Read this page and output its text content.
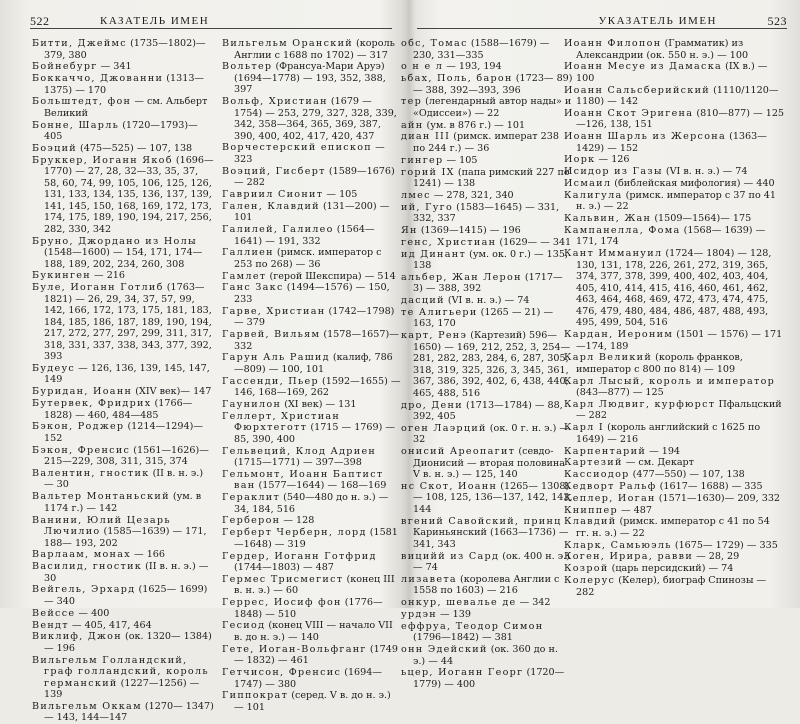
522	КАЗАТЕЛЬ ИМЕН
Битти, Джеймс (1735—1802)— 379, 380
Бойнебург — 341
Боккаччо, Джованни (1313— 1375) — 170
Больштедт, фон — см. Альберт Великий
Бонне, Шарль (1720—1793)— 405
Боэций (475—525) — 107, 138
Бруккер, Иоганн Якоб (1696— 1770) — 27, 28, 32—33, 35, 37, 58, 60, 74, 99, 105, 106, 125, 126, 131, 133, 134, 135, 136, 137, 139, 141, 145, 150, 168, 169, 172, 173, 174, 175, 189, 190, 194, 217, 256, 282, 330, 342
Бруно, Джордано из Нолы (1548—1600) — 154, 171, 174— 188, 189, 202, 234, 260, 308
Букинген — 216
Буле, Иоганн Готлиб (1763— 1821) — 26, 29, 34, 37, 57, 99, 142, 166, 172, 173, 175, 181, 183, 184, 185, 186, 187, 189, 190, 194, 217, 272, 277, 297, 299, 311, 317, 318, 331, 337, 338, 343, 377, 392, 393
Будеус — 126, 136, 139, 145, 147, 149
Буридан, Иоанн (XIV век)— 147
Бутервек, Фридрих (1766— 1828) — 460, 484—485
Бэкон, Роджер (1214—1294)— 152
Бэкон, Френсис (1561—1626)— 215—229, 308, 311, 315, 374
Валентин, гностик (II в. н. э.) — 30
Вальтер Монтаньский (ум. в 1174 г.) — 142
Ванини, Юлий Цезарь Лючилио (1585—1639) — 171, 188— 193, 202
Варлаам, монах — 166
Василид, гностик (II в. н. э.) — 30
Вейгель, Эрхард (1625— 1699) — 340
Вейссе — 400
Вендт — 405, 417, 464
Виклиф, Джон (ок. 1320— 1384) — 196
Вильгельм Голландский, граф голландский, король германский (1227—1256) — 139
Вильгельм Оккам (1270— 1347) — 143, 144—147
Вильгельм Оранский (король Англии с 1688 по 1702) — 317
Вольтер (Франсуа-Мари Аруэ) (1694—1778) — 193, 352, 388, 397
Вольф, Христиан (1679 — 1754) — 253, 279, 327, 328, 339, 342, 358—364, 365, 369, 387, 390, 400, 402, 417, 420, 437
Ворчестерский епископ — 323
Воэций, Гисберт (1589—1676)— 282
Гавриил Сионит — 105
Гален, Клавдий (131—200) — 101
Галилей, Галилео (1564— 1641) — 191, 332
Галлиен (римск. император с 253 по 268) — 36
Гамлет (герой Шекспира) — 514
Ганс Закс (1494—1576) — 150, 233
Гарве, Христиан (1742—1798)— 379
Гарвей, Вильям (1578—1657)— 332
Гарун Аль Рашид (калиф, 786—809) — 100, 101
Гассенди, Пьер (1592—1655) — 146, 168—169, 262
Гаунилон (XI век) — 131
Геллерт, Христиан Фюрхтеготт (1715 — 1769) — 85, 390, 400
Гельвеций, Клод Адриен (1715—1771) — 397—398
Гельмонт, Иоанн Баптист ван (1577—1644) — 168—169
Гераклит (540—480 до н. э.) — 34, 184, 516
Герберон — 128
Герберт Черберн, лорд (1581—1648) — 319
Гердер, Иоганн Готфрид (1744—1803) — 487
Гермес Трисмегист (конец III в. н. э.) — 60
Геррес, Иосиф фон (1776— 1848) — 510
Гесиод (конец VIII — начало VII в. до н. э.) — 140
Гете, Иоган-Вольфганг (1749— 1832) — 461
Гетчисон, Френсис (1694— 1747) — 380
Гиппократ (серед. V в. до н. э.) — 101
УКАЗАТЕЛЬ ИМЕН	523
обс, Томас (1588—1679) — 230, 331—335
о н е л — 193, 194
ьбах, Поль, барон (1723— 89) — 388, 392—393, 396
тер (легендарный автор нады» и «Одиссеи») — 22
айн (ум. в 876 г.) — 101
диан III (римск. императ 238 по 244 г.) — 36
гингер — 105
горий IX (папа римский 227 по 1241) — 138
лмес — 278, 321, 340
ий, Гуго (1583—1645) — 331, 332, 337
Ян (1369—1415) — 196
генс, Христиан (1629— — 341
ид Динант (ум. ок. 0 г.) — 135, 138
альбер, Жан Лерон (1717— 3) — 388, 392
дасций (VI в. н. э.) — 74
те Алигьери (1265 — 21) — 163, 170
карт, Ренэ (Картезий) 596—1650) — 169, 212, 252, 3, 254—281, 282, 283, 284, 6, 287, 305, 318, 319, 325, 326, 3, 345, 361, 367, 386, 392, 402, 6, 438, 440, 465, 488, 516
дро, Дени (1713—1784) — 88, 392, 405
оген Лаэрций (ок. 0 г. н. э.) — 32
онисий Ареопагит (севдо-Дионисий — вторая половина V в. н. э.) — 125, 140
нс Скот, Иоанн (1265— 1308) — 108, 125, 136—137, 142, 143, 144
вгений Савойский, принц Кариньянский (1663—1736) — 341, 343
вицийй из Сард (ок. 400 н. э.) — 74
лизавета (королева Англии с 1558 по 1603) — 216
онкур, шевалье де — 342
урдэн — 139
еффруа, Теодор Симон (1796—1842) — 381
онн Эдейский (ок. 360 до н. э.) — 44
ьцер, Иоганн Георг (1720— 1779) — 400
Иоанн Филопон (Грамматик) из Александрии (ок. 550 н. э.) — 100
Иоанн Месуе из Дамаска (IX в.) — 100
Иоанн Сальсберийский (1110/1120—1180) — 142
Иоанн Скот Эригена (810—877) — 125—126, 138, 151
Иоанн Шарль из Жерсона (1363—1429) — 152
Иорк — 126
Исидор из Газы (VI в. н. э.) — 74
Исмаил (библейская мифология) — 440
Калигула (римск. император с 37 по 41 н. э.) — 22
Кальвин, Жан (1509—1564)— 175
Кампанелла, Фома (1568— 1639) — 171, 174
Кант Иммануил (1724— 1804) — 128, 130, 131, 178, 226, 261, 272, 319, 365, 374, 377, 378, 399, 400, 402, 403, 404, 405, 410, 414, 415, 416, 460, 461, 462, 463, 464, 468, 469, 472, 473, 474, 475, 476, 479, 480, 484, 486, 487, 488, 493, 495, 499, 504, 516
Кардан, Иероним (1501 — 1576) — 171—174, 189
Карл Великий (король франков, император с 800 по 814) — 109
Карл Лысый, король и император (843—877) — 125
Карл Людвиг, курфюрст Пфальцский — 282
Карл I (король английский с 1625 по 1649) — 216
Карпентарий — 194
Картезий — см. Декарт
Кассиодор (477—550) — 107, 138
Кедворт Ральф (1617— 1688) — 335
Кеплер, Иоган (1571—1630)— 209, 332
Книппер — 487
Клавдий (римск. император с 41 по 54 гг. н. э.) — 22
Кларк, Самьюэль (1675— 1729) — 335
Коген, Ирира, равви — 28, 29
Козрой (царь персидский) — 74
Колерус (Келер), биограф Спинозы — 282
